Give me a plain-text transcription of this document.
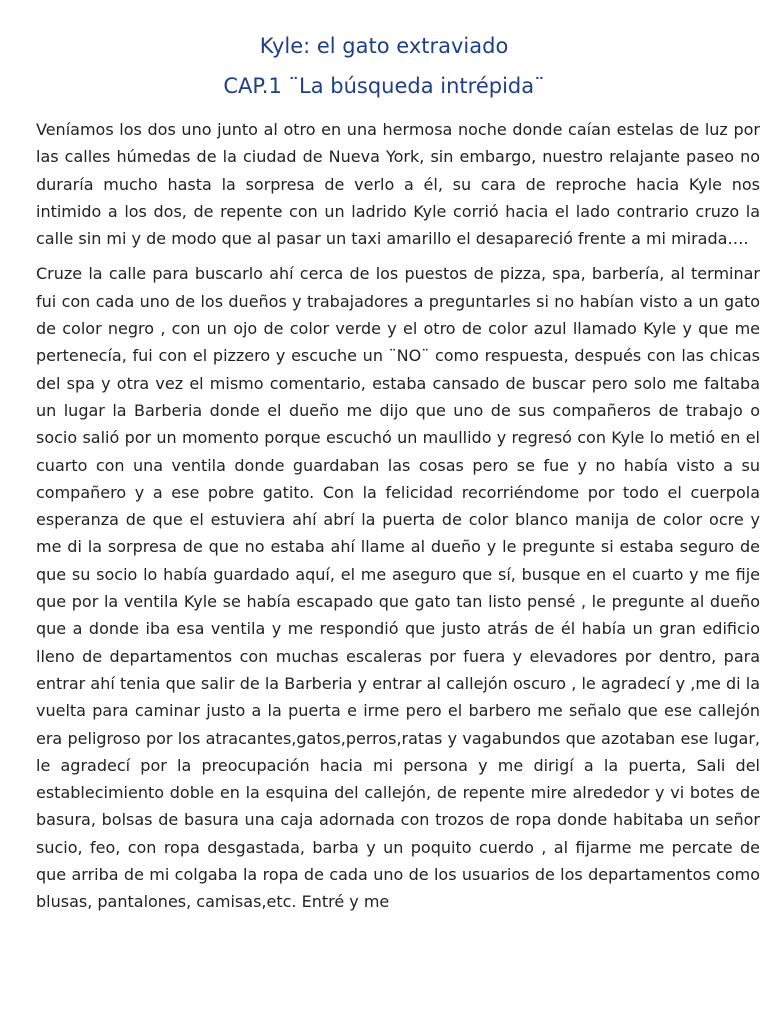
Kyle: el gato extraviado
CAP.1 ¨La búsqueda intrépida¨

Veníamos los dos uno junto al otro en una hermosa noche donde caían estelas de luz por las calles húmedas de la ciudad de Nueva York, sin embargo, nuestro relajante paseo no duraría mucho hasta la sorpresa de verlo a él, su cara de reproche hacia Kyle nos intimido a los dos, de repente con un ladrido Kyle corrió hacia el lado contrario cruzo la calle sin mi y de modo que al pasar un taxi amarillo el desapareció frente a mi mirada….

Cruze la calle para buscarlo ahí cerca de los puestos de pizza, spa, barbería, al terminar fui con cada uno de los dueños y trabajadores a preguntarles si no habían visto a un gato de color negro , con un ojo de color verde y el otro de color azul llamado Kyle y que me pertenecía, fui con el pizzero y escuche un ¨NO¨ como respuesta, después con las chicas del spa y otra vez el mismo comentario, estaba cansado de buscar pero solo me faltaba un lugar la Barberia donde el dueño me dijo que uno de sus compañeros de trabajo o socio salió por un momento porque escuchó un maullido y regresó con Kyle lo metió en el cuarto con una ventila donde guardaban las cosas pero se fue y no había visto a su compañero y a ese pobre gatito. Con la felicidad recorriéndome por todo el cuerpola esperanza de que el estuviera ahí abrí la puerta de color blanco manija de color ocre y me di la sorpresa de que no estaba ahí llame al dueño y le pregunte si estaba seguro de que su socio lo había guardado aquí, el me aseguro que sí, busque en el cuarto y me fije que por la ventila Kyle se había escapado que gato tan listo pensé , le pregunte al dueño que a donde iba esa ventila y me respondió que justo atrás de él había un gran edificio lleno de departamentos con muchas escaleras por fuera y elevadores por dentro, para entrar ahí tenia que salir de la Barberia y entrar al callejón oscuro , le agradecí y ,me di la vuelta para caminar justo a la puerta e irme pero el barbero me señalo que ese callejón era peligroso por los atracantes,gatos,perros,ratas y vagabundos que azotaban ese lugar, le agradecí por la preocupación hacia mi persona y me dirigí a la puerta, Sali del establecimiento doble en la esquina del callejón, de repente mire alrededor y vi botes de basura, bolsas de basura una caja adornada con trozos de ropa donde habitaba un señor sucio, feo, con ropa desgastada, barba y un poquito cuerdo , al fijarme me percate de que arriba de mi colgaba la ropa de cada uno de los usuarios de los departamentos como blusas, pantalones, camisas,etc. Entré y me
